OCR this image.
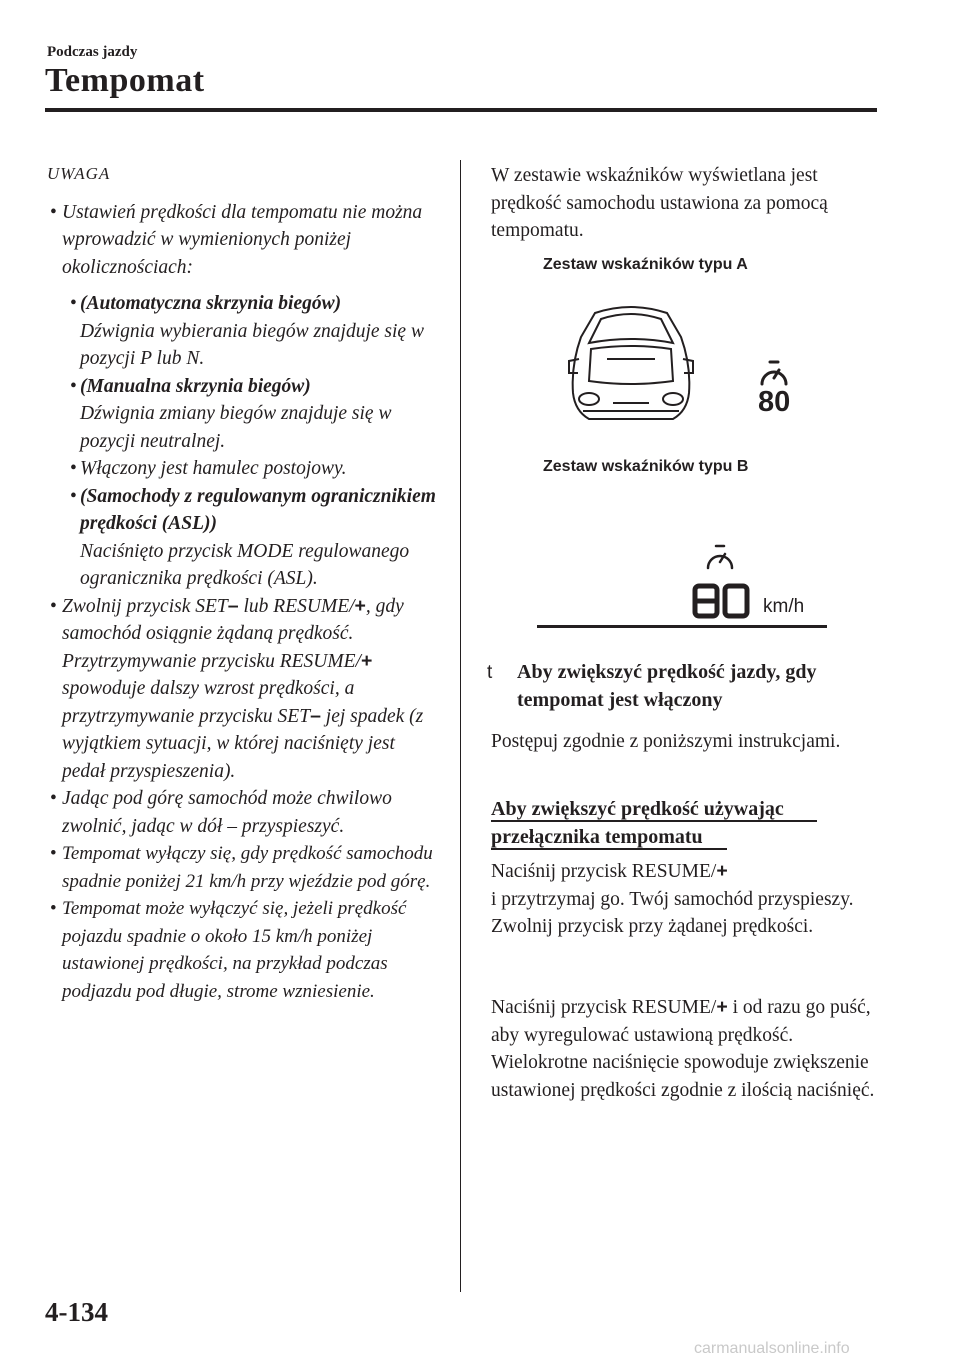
Podczas jazdy
Tempomat
UWAGA
• Ustawień prędkości dla tempomatu nie można wprowadzić w wymienionych poniżej okolicznościach:
• (Automatyczna skrzynia biegów)
Dźwignia wybierania biegów znajduje się w pozycji P lub N.
• (Manualna skrzynia biegów)
Dźwignia zmiany biegów znajduje się w pozycji neutralnej.
• Włączony jest hamulec postojowy.
• (Samochody z regulowanym ogranicznikiem prędkości (ASL))
Naciśnięto przycisk MODE regulowanego ogranicznika prędkości (ASL).
• Zwolnij przycisk SET– lub RESUME/+, gdy samochód osiągnie żądaną prędkość. Przytrzymywanie przycisku RESUME/+ spowoduje dalszy wzrost prędkości, a przytrzymywanie przycisku SET– jej spadek (z wyjątkiem sytuacji, w której naciśnięty jest pedał przyspieszenia).
• Jadąc pod górę samochód może chwilowo zwolnić, jadąc w dół – przyspieszyć.
• Tempomat wyłączy się, gdy prędkość samochodu spadnie poniżej 21 km/h przy wjeździe pod górę.
• Tempomat może wyłączyć się, jeżeli prędkość pojazdu spadnie o około 15 km/h poniżej ustawionej prędkości, na przykład podczas podjazdu pod długie, strome wzniesienie.
W zestawie wskaźników wyświetlana jest prędkość samochodu ustawiona za pomocą tempomatu.
Zestaw wskaźników typu A
80
Zestaw wskaźników typu B
km/h
t Aby zwiększyć prędkość jazdy, gdy tempomat jest włączony
Postępuj zgodnie z poniższymi instrukcjami.
Aby zwiększyć prędkość używając
przełącznika tempomatu
Naciśnij przycisk RESUME/+
i przytrzymaj go. Twój samochód przyspieszy. Zwolnij przycisk przy żądanej prędkości.
Naciśnij przycisk RESUME/+ i od razu go puść, aby wyregulować ustawioną prędkość. Wielokrotne naciśnięcie spowoduje zwiększenie ustawionej prędkości zgodnie z ilością naciśnięć.
4-134
carmanualsonline.info
